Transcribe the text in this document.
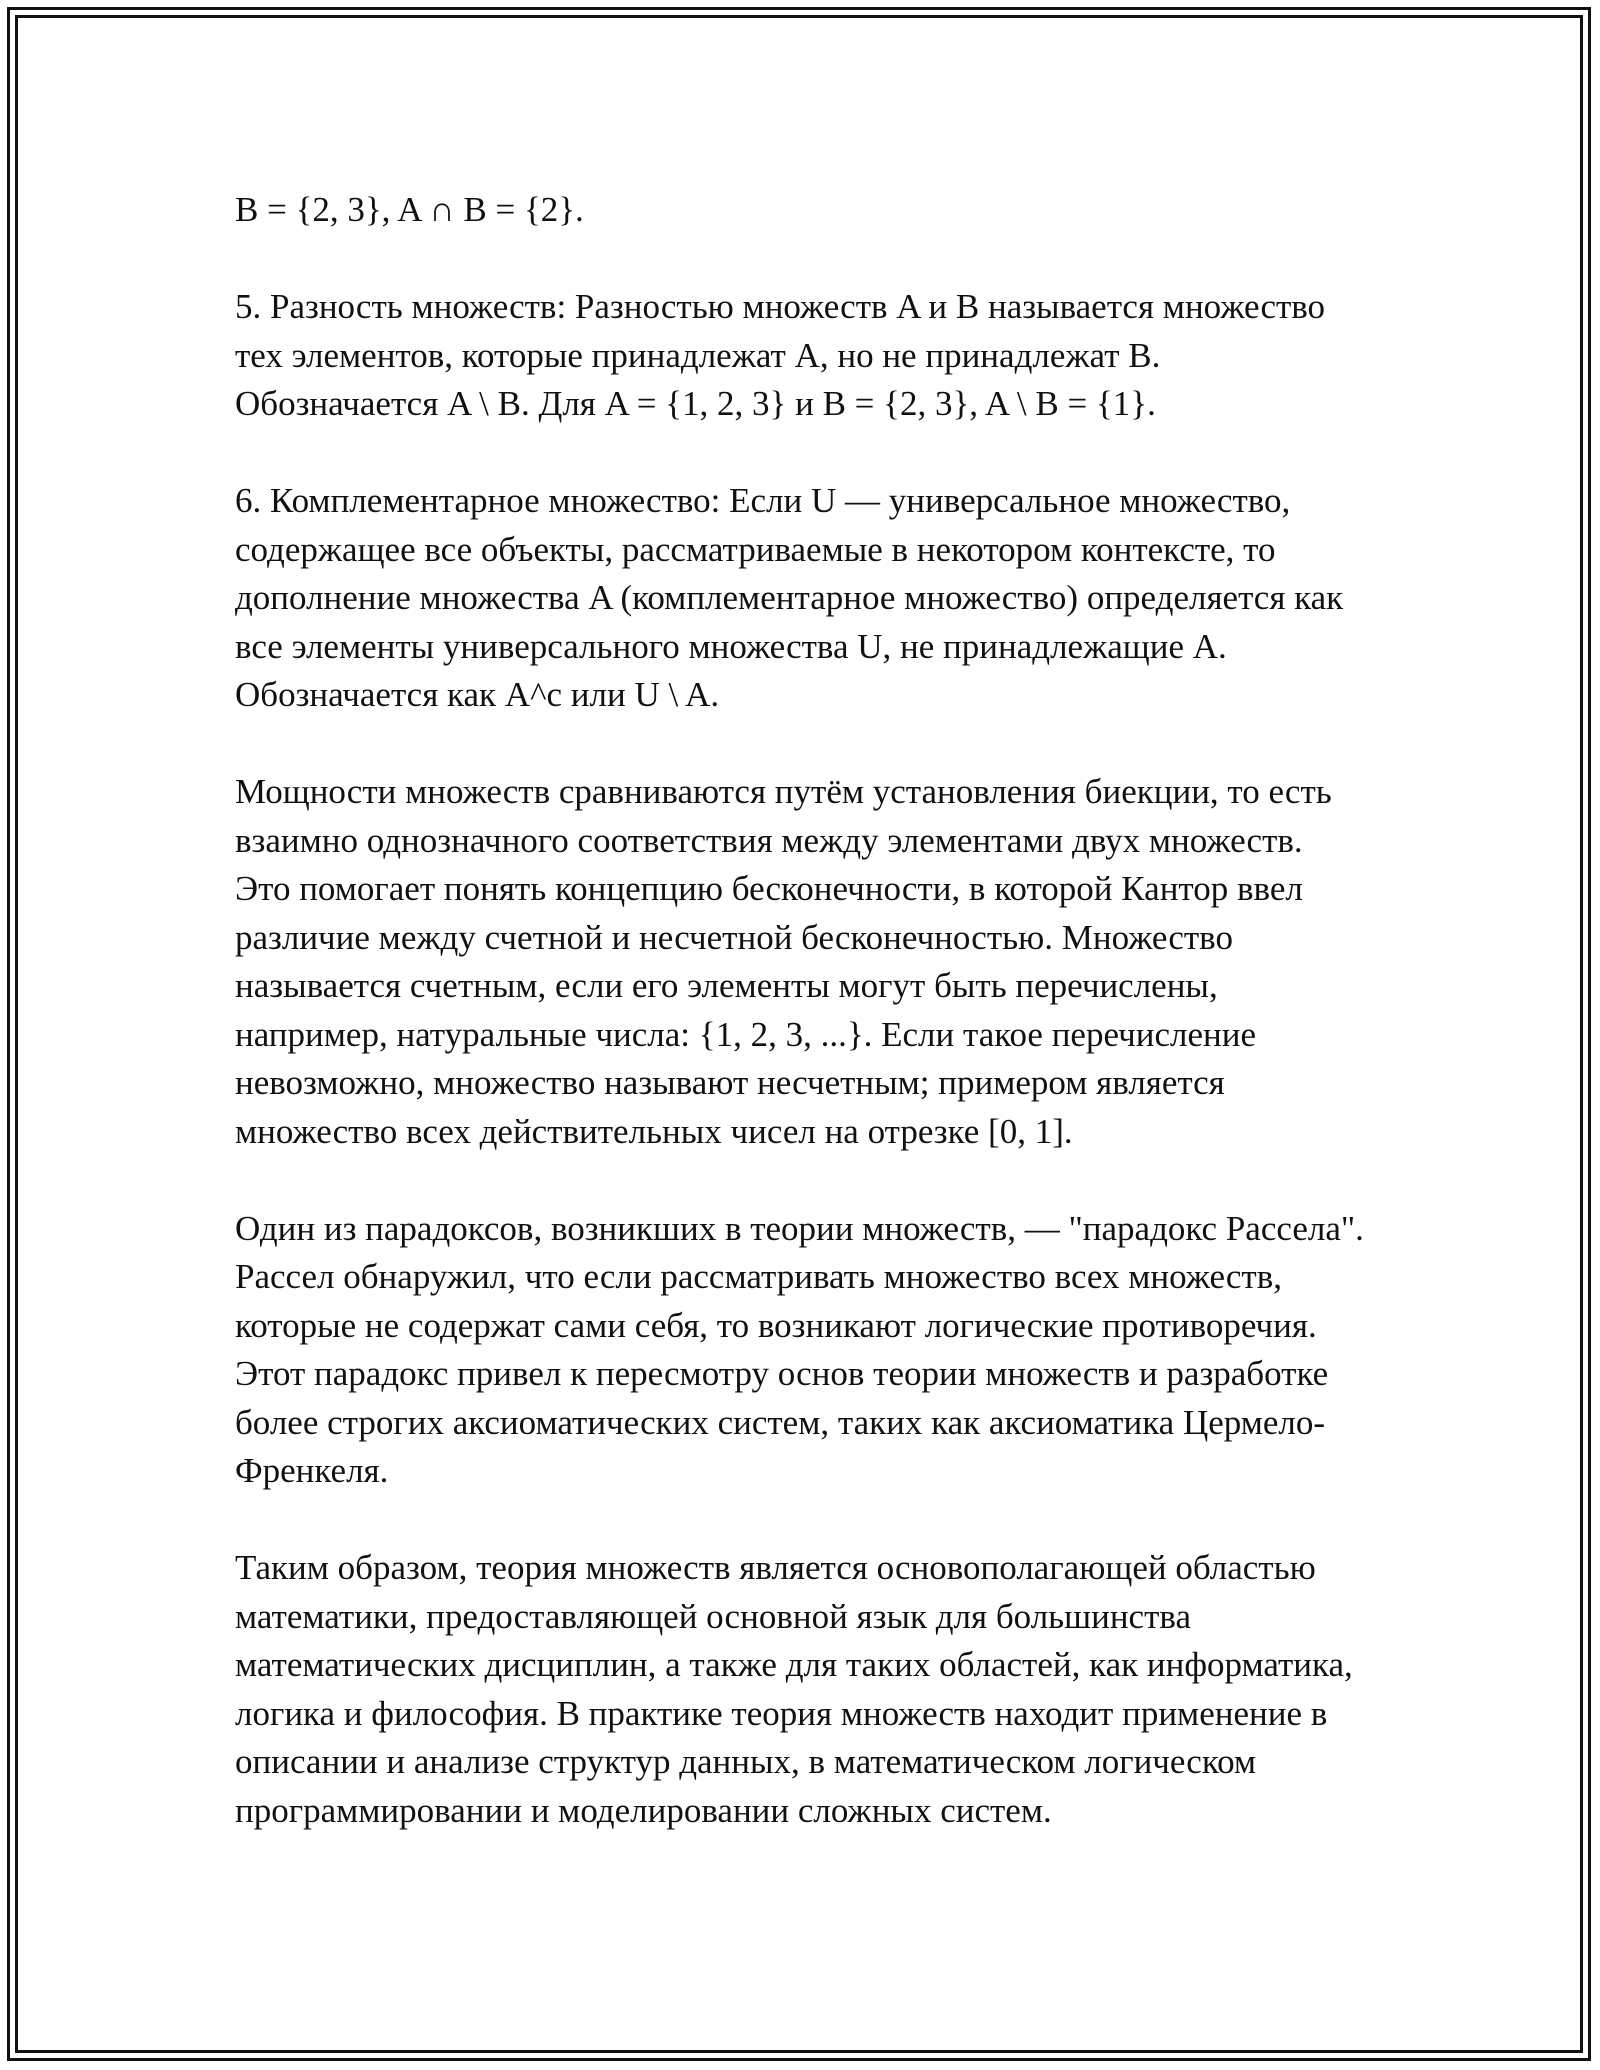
B = {2, 3}, A ∩ B = {2}.

5. Разность множеств: Разностью множеств A и B называется множество тех элементов, которые принадлежат A, но не принадлежат B. Обозначается A \ B. Для A = {1, 2, 3} и B = {2, 3}, A \ B = {1}.

6. Комплементарное множество: Если U — универсальное множество, содержащее все объекты, рассматриваемые в некотором контексте, то дополнение множества A (комплементарное множество) определяется как все элементы универсального множества U, не принадлежащие A. Обозначается как A^c или U \ A.

Мощности множеств сравниваются путём установления биекции, то есть взаимно однозначного соответствия между элементами двух множеств. Это помогает понять концепцию бесконечности, в которой Кантор ввел различие между счетной и несчетной бесконечностью. Множество называется счетным, если его элементы могут быть перечислены, например, натуральные числа: {1, 2, 3, ...}. Если такое перечисление невозможно, множество называют несчетным; примером является множество всех действительных чисел на отрезке [0, 1].

Один из парадоксов, возникших в теории множеств, — "парадокс Рассела". Рассел обнаружил, что если рассматривать множество всех множеств, которые не содержат сами себя, то возникают логические противоречия. Этот парадокс привел к пересмотру основ теории множеств и разработке более строгих аксиоматических систем, таких как аксиоматика Цермело-Френкеля.

Таким образом, теория множеств является основополагающей областью математики, предоставляющей основной язык для большинства математических дисциплин, а также для таких областей, как информатика, логика и философия. В практике теория множеств находит применение в описании и анализе структур данных, в математическом логическом программировании и моделировании сложных систем.
